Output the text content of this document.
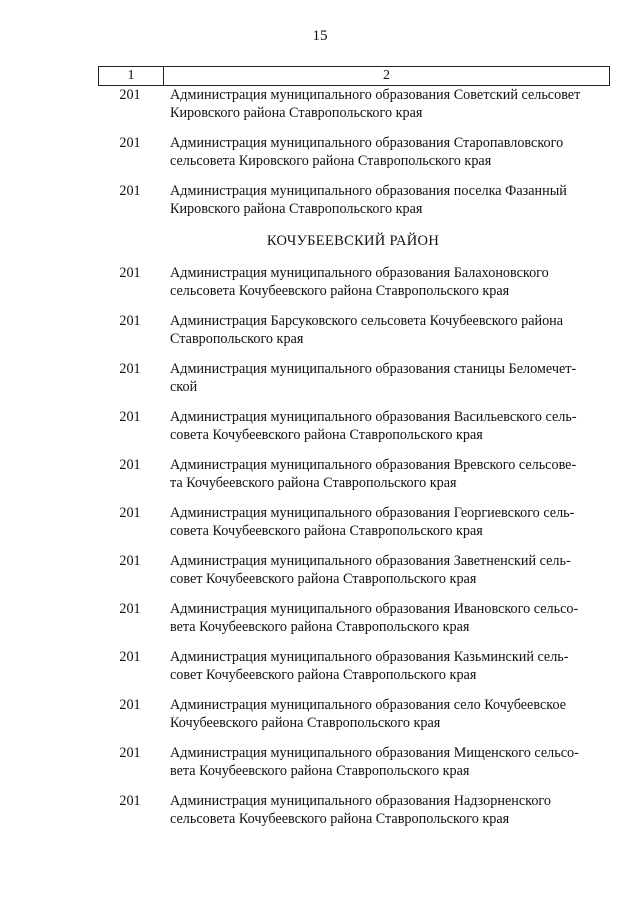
15
1	2
201	Администрация муниципального образования Советский сельсовет
Кировского района Ставропольского края
201	Администрация муниципального образования Старопавловского
сельсовета Кировского района Ставропольского края
201	Администрация муниципального образования поселка Фазанный
Кировского района Ставропольского края
КОЧУБЕЕВСКИЙ РАЙОН
201	Администрация муниципального образования Балахоновского
сельсовета Кочубеевского района Ставропольского края
201	Администрация Барсуковского сельсовета Кочубеевского района
Ставропольского края
201	Администрация муниципального образования станицы Беломечет-
ской
201	Администрация муниципального образования Васильевского сель-
совета Кочубеевского района Ставропольского края
201	Администрация муниципального образования Вревского сельсове-
та Кочубеевского района Ставропольского края
201	Администрация муниципального образования Георгиевского сель-
совета Кочубеевского района Ставропольского края
201	Администрация муниципального образования Заветненский сель-
совет Кочубеевского района Ставропольского края
201	Администрация муниципального образования Ивановского сельсо-
вета Кочубеевского района Ставропольского края
201	Администрация муниципального образования Казьминский сель-
совет Кочубеевского района Ставропольского края
201	Администрация муниципального образования село Кочубеевское
Кочубеевского района Ставропольского края
201	Администрация муниципального образования Мищенского сельсо-
вета Кочубеевского района Ставропольского края
201	Администрация муниципального образования Надзорненского
сельсовета Кочубеевского района Ставропольского края
